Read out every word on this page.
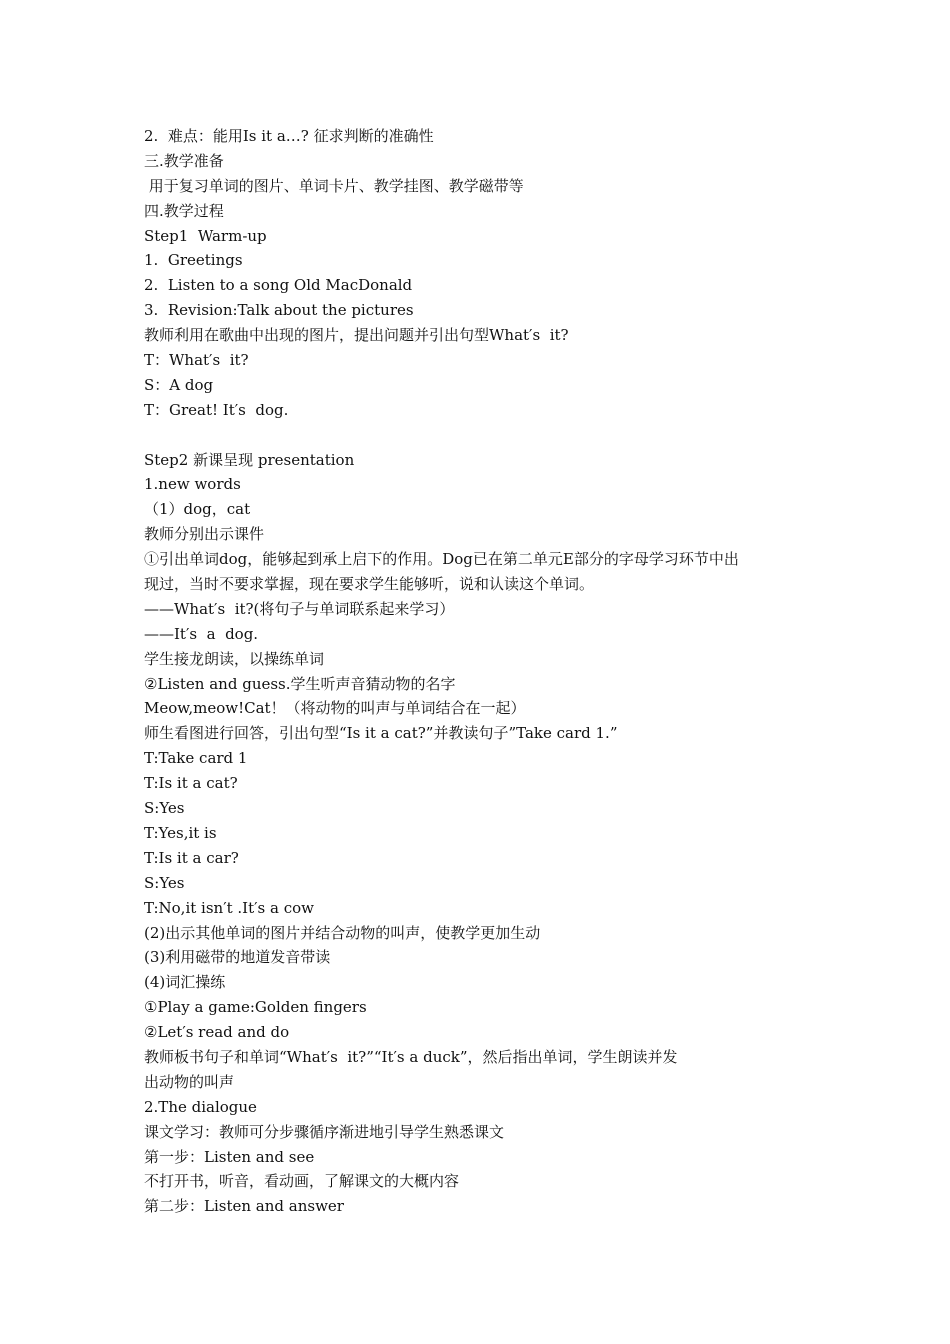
2.  难点：能用Is it a…? 征求判断的准确性
三.教学准备
用于复习单词的图片、单词卡片、教学挂图、教学磁带等
四.教学过程
Step1  Warm-up
1.  Greetings
2.  Listen to a song Old MacDonald
3.  Revision:Talk about the pictures
教师利用在歌曲中出现的图片，提出问题并引出句型What′s  it?
T：What′s  it?
S：A dog
T：Great! It′s  dog.
Step2 新课呈现 presentation
1.new words
（1）dog，cat
教师分别出示课件
①引出单词dog，能够起到承上启下的作用。Dog已在第二单元E部分的字母学习环节中出
现过，当时不要求掌握，现在要求学生能够听，说和认读这个单词。
——What′s  it?(将句子与单词联系起来学习）
——It′s  a  dog.
学生接龙朗读，以操练单词
②Listen and guess.学生听声音猜动物的名字
Meow,meow!Cat！（将动物的叫声与单词结合在一起）
师生看图进行回答，引出句型“Is it a cat?”并教读句子”Take card 1.”
T:Take card 1
T:Is it a cat?
S:Yes
T:Yes,it is
T:Is it a car?
S:Yes
T:No,it isn′t .It′s a cow
(2)出示其他单词的图片并结合动物的叫声，使教学更加生动
(3)利用磁带的地道发音带读
(4)词汇操练
①Play a game:Golden fingers
②Let′s read and do
教师板书句子和单词“What′s  it?”“It′s a duck”，然后指出单词，学生朗读并发
出动物的叫声
2.The dialogue
课文学习：教师可分步骤循序渐进地引导学生熟悉课文
第一步：Listen and see
不打开书，听音，看动画，了解课文的大概内容
第二步：Listen and answer
